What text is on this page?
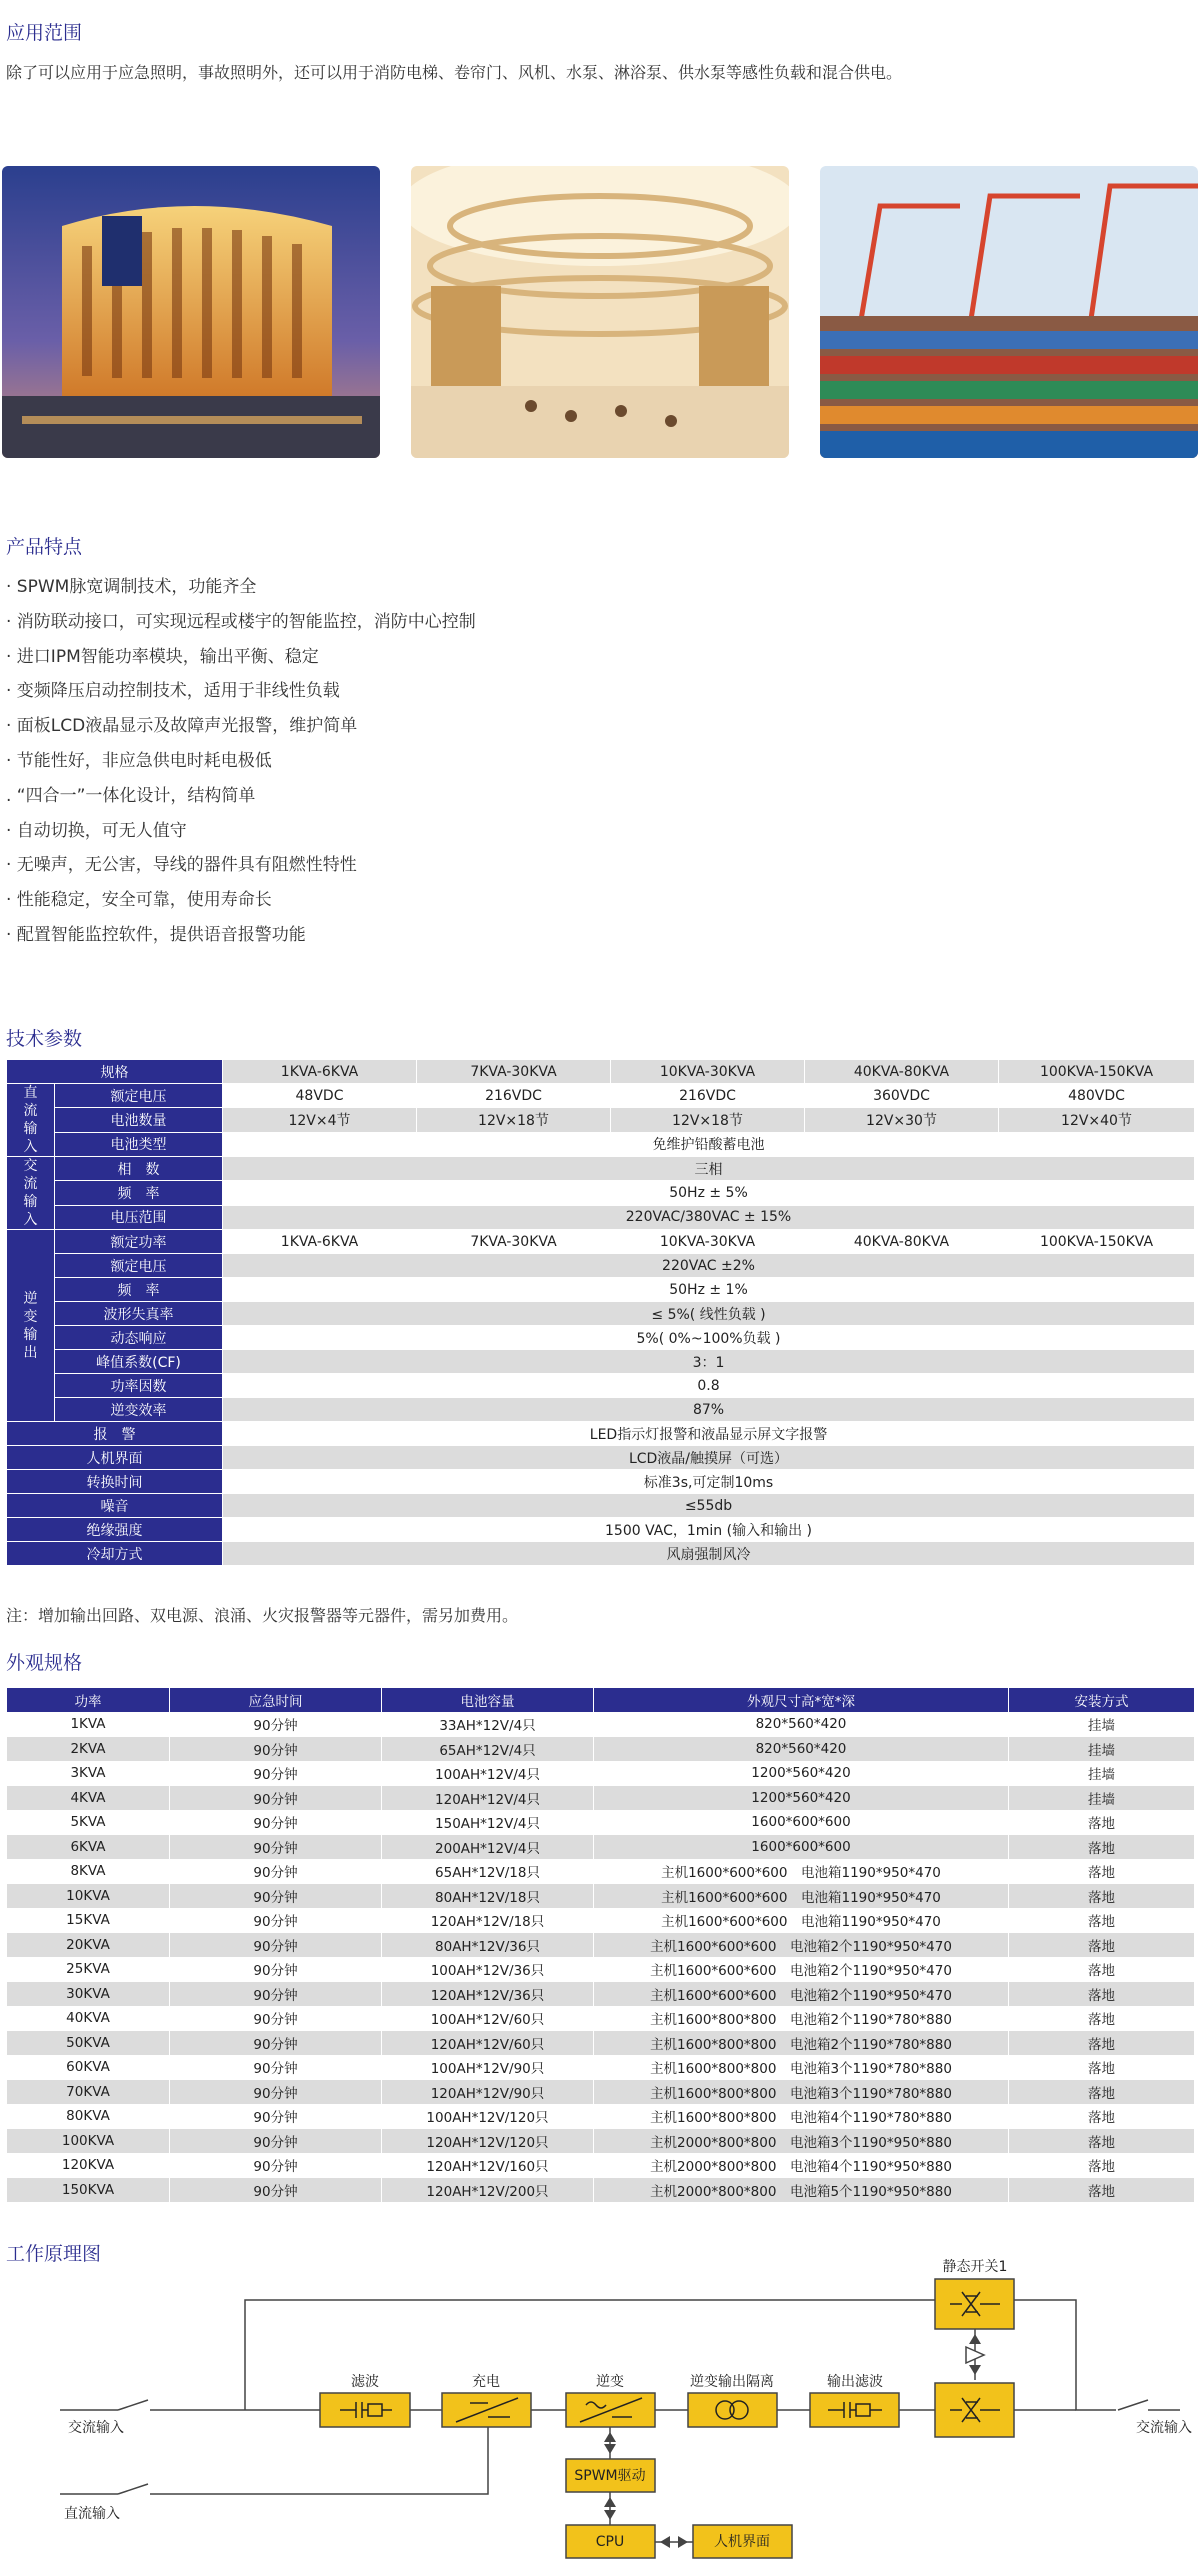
应用范围
除了可以应用于应急照明，事故照明外，还可以用于消防电梯、卷帘门、风机、水泵、淋浴泵、供水泵等感性负载和混合供电。
产品特点
· SPWM脉宽调制技术，功能齐全
· 消防联动接口，可实现远程或楼宇的智能监控，消防中心控制
· 进口IPM智能功率模块，输出平衡、稳定
· 变频降压启动控制技术，适用于非线性负载
· 面板LCD液晶显示及故障声光报警，维护简单
· 节能性好，非应急供电时耗电极低
. “四合一”一体化设计，结构简单
· 自动切换，可无人值守
· 无噪声，无公害，导线的器件具有阻燃性特性
· 性能稳定，安全可靠，使用寿命长
· 配置智能监控软件，提供语音报警功能
技术参数
规格		1KVA-6KVA	7KVA-30KVA	10KVA-30KVA	40KVA-80KVA	100KVA-150KVA

直流输入	额定电压	48VDC	216VDC	216VDC	360VDC	480VDC
	电池数量	12V×4节	12V×18节	12V×18节	12V×30节	12V×40节
	电池类型	免维护铅酸蓄电池				

交流输入	相　数	三相				
	频　率	50Hz ± 5%				
	电压范围	220VAC/380VAC ± 15%				

逆变输出	额定功率	1KVA-6KVA	7KVA-30KVA	10KVA-30KVA	40KVA-80KVA	100KVA-150KVA
	额定电压	220VAC ±2%				
	频　率	50Hz ± 1%				
	波形失真率	≤ 5%( 线性负载 )				
	动态响应	5%( 0%~100%负载 )				
	峰值系数(CF)	3：1				
	功率因数	0.8				
	逆变效率	87%				
报　警		LED指示灯报警和液晶显示屏文字报警				
人机界面		LCD液晶/触摸屏（可选）				
转换时间		标准3s,可定制10ms				
噪音		≤55db				
绝缘强度		1500 VAC，1min (输入和输出 )				
冷却方式		风扇强制风冷				
注：增加输出回路、双电源、浪涌、火灾报警器等元器件，需另加费用。
外观规格
功率	应急时间	电池容量	外观尺寸高*宽*深	安装方式
1KVA	90分钟	33AH*12V/4只	820*560*420	挂墙
2KVA	90分钟	65AH*12V/4只	820*560*420	挂墙
3KVA	90分钟	100AH*12V/4只	1200*560*420	挂墙
4KVA	90分钟	120AH*12V/4只	1200*560*420	挂墙
5KVA	90分钟	150AH*12V/4只	1600*600*600	落地
6KVA	90分钟	200AH*12V/4只	1600*600*600	落地
8KVA	90分钟	65AH*12V/18只	主机1600*600*600　电池箱1190*950*470	落地
10KVA	90分钟	80AH*12V/18只	主机1600*600*600　电池箱1190*950*470	落地
15KVA	90分钟	120AH*12V/18只	主机1600*600*600　电池箱1190*950*470	落地
20KVA	90分钟	80AH*12V/36只	主机1600*600*600　电池箱2个1190*950*470	落地
25KVA	90分钟	100AH*12V/36只	主机1600*600*600　电池箱2个1190*950*470	落地
30KVA	90分钟	120AH*12V/36只	主机1600*600*600　电池箱2个1190*950*470	落地
40KVA	90分钟	100AH*12V/60只	主机1600*800*800　电池箱2个1190*780*880	落地
50KVA	90分钟	120AH*12V/60只	主机1600*800*800　电池箱2个1190*780*880	落地
60KVA	90分钟	100AH*12V/90只	主机1600*800*800　电池箱3个1190*780*880	落地
70KVA	90分钟	120AH*12V/90只	主机1600*800*800　电池箱3个1190*780*880	落地
80KVA	90分钟	100AH*12V/120只	主机1600*800*800　电池箱4个1190*780*880	落地
100KVA	90分钟	120AH*12V/120只	主机2000*800*800　电池箱3个1190*950*880	落地
120KVA	90分钟	120AH*12V/160只	主机2000*800*800　电池箱4个1190*950*880	落地
150KVA	90分钟	120AH*12V/200只	主机2000*800*800　电池箱5个1190*950*880	落地
工作原理图
滤波	充电	逆变	逆变输出隔离	输出滤波
静态开关1
SPWM驱动
CPU	人机界面
交流输入
直流输入
交流输入
